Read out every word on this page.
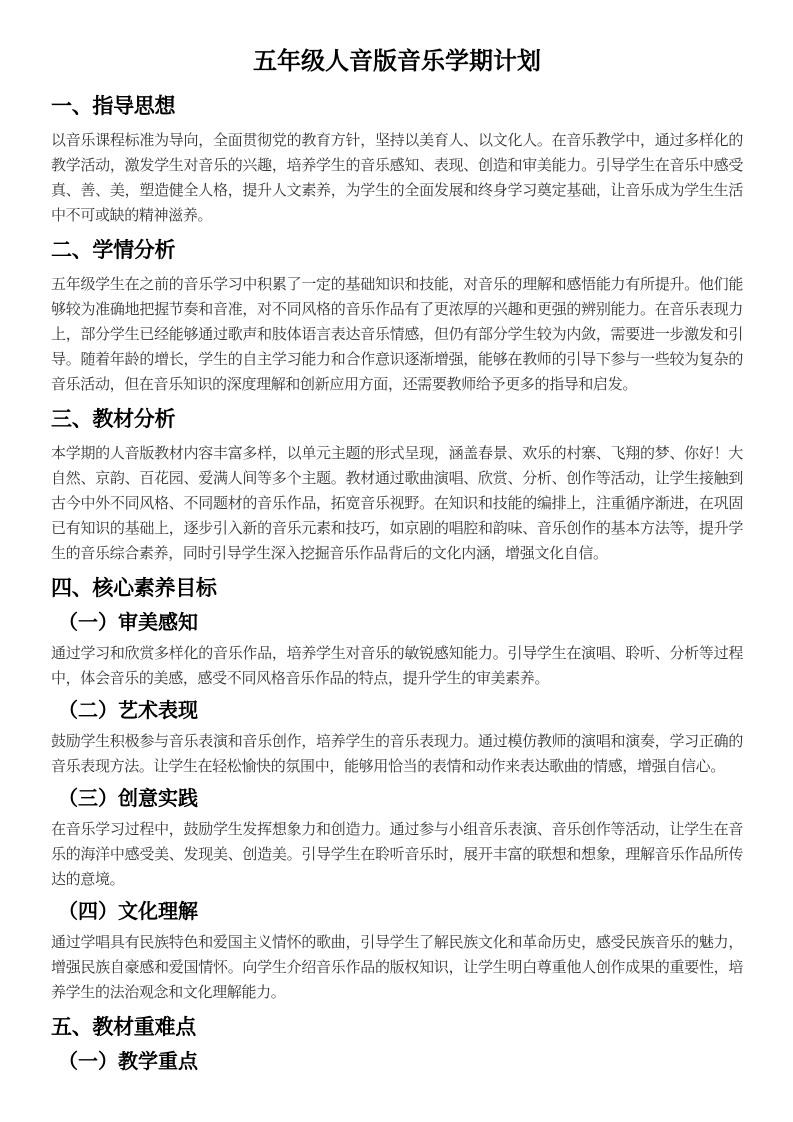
五年级人音版音乐学期计划
一、指导思想

以音乐课程标准为导向，全面贯彻党的教育方针，坚持以美育人、以文化人。在音乐教学中，通过多样化的教学活动，激发学生对音乐的兴趣，培养学生的音乐感知、表现、创造和审美能力。引导学生在音乐中感受真、善、美，塑造健全人格，提升人文素养，为学生的全面发展和终身学习奠定基础，让音乐成为学生生活中不可或缺的精神滋养。

二、学情分析

五年级学生在之前的音乐学习中积累了一定的基础知识和技能，对音乐的理解和感悟能力有所提升。他们能够较为准确地把握节奏和音准，对不同风格的音乐作品有了更浓厚的兴趣和更强的辨别能力。在音乐表现力上，部分学生已经能够通过歌声和肢体语言表达音乐情感，但仍有部分学生较为内敛，需要进一步激发和引导。随着年龄的增长，学生的自主学习能力和合作意识逐渐增强，能够在教师的引导下参与一些较为复杂的音乐活动，但在音乐知识的深度理解和创新应用方面，还需要教师给予更多的指导和启发。

三、教材分析

本学期的人音版教材内容丰富多样，以单元主题的形式呈现，涵盖春景、欢乐的村寨、飞翔的梦、你好！大自然、京韵、百花园、爱满人间等多个主题。教材通过歌曲演唱、欣赏、分析、创作等活动，让学生接触到古今中外不同风格、不同题材的音乐作品，拓宽音乐视野。在知识和技能的编排上，注重循序渐进，在巩固已有知识的基础上，逐步引入新的音乐元素和技巧，如京剧的唱腔和韵味、音乐创作的基本方法等，提升学生的音乐综合素养，同时引导学生深入挖掘音乐作品背后的文化内涵，增强文化自信。

四、核心素养目标
（一）审美感知

通过学习和欣赏多样化的音乐作品，培养学生对音乐的敏锐感知能力。引导学生在演唱、聆听、分析等过程中，体会音乐的美感，感受不同风格音乐作品的特点，提升学生的审美素养。

（二）艺术表现

鼓励学生积极参与音乐表演和音乐创作，培养学生的音乐表现力。通过模仿教师的演唱和演奏，学习正确的音乐表现方法。让学生在轻松愉快的氛围中，能够用恰当的表情和动作来表达歌曲的情感，增强自信心。

（三）创意实践

在音乐学习过程中，鼓励学生发挥想象力和创造力。通过参与小组音乐表演、音乐创作等活动，让学生在音乐的海洋中感受美、发现美、创造美。引导学生在聆听音乐时，展开丰富的联想和想象，理解音乐作品所传达的意境。

（四）文化理解

通过学唱具有民族特色和爱国主义情怀的歌曲，引导学生了解民族文化和革命历史，感受民族音乐的魅力，增强民族自豪感和爱国情怀。向学生介绍音乐作品的版权知识，让学生明白尊重他人创作成果的重要性，培养学生的法治观念和文化理解能力。

五、教材重难点
（一）教学重点
